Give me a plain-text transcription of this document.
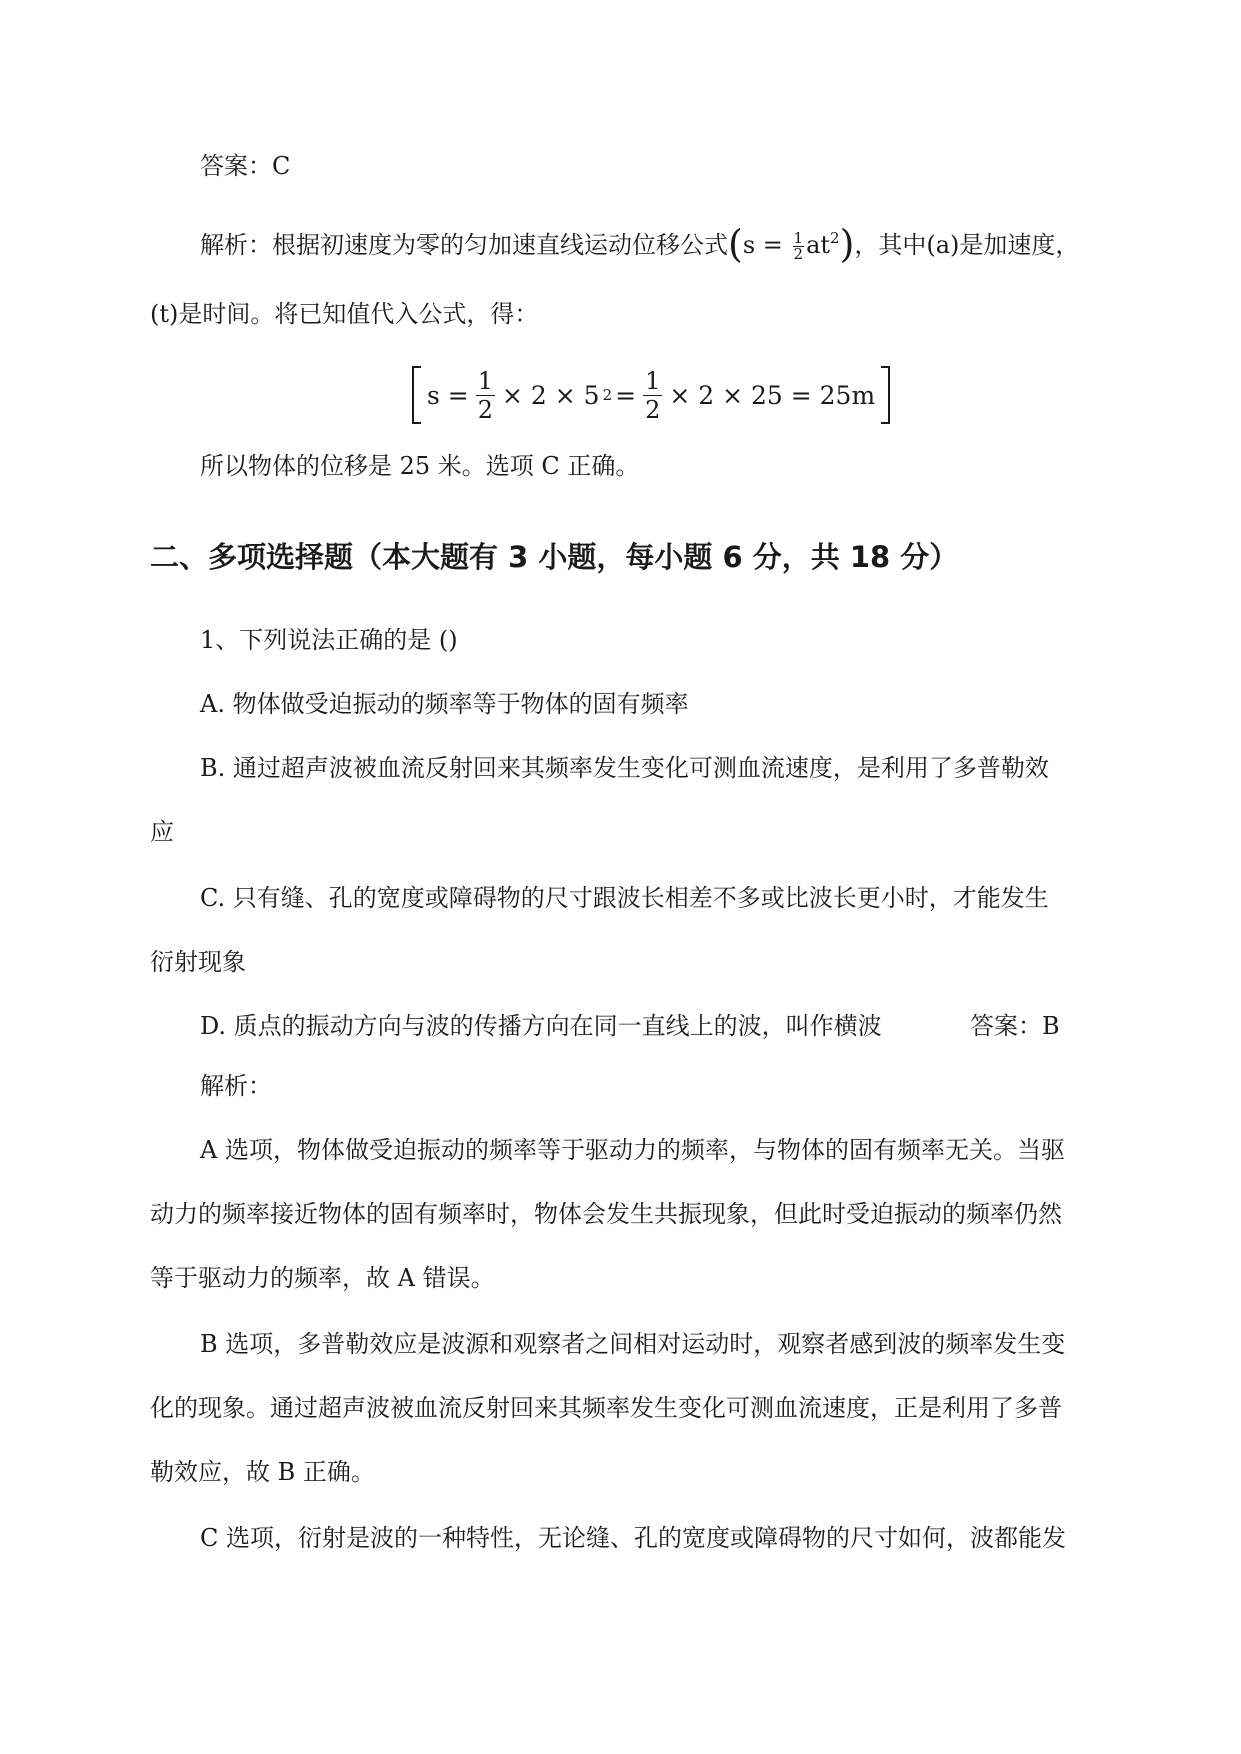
答案：C
解析：根据初速度为零的匀加速直线运动位移公式$(s = \frac{1}{2} at^2)$，其中(a)是加速度，
(t)是时间。将已知值代入公式，得：
$s = \frac{1}{2} \times 2 \times 5$ $2 = \frac{1}{2} \times 2 \times 25 = 25m$
所以物体的位移是 25 米。选项 C 正确。
二、多项选择题（本大题有 3 小题，每小题 6 分，共 18 分）
1、下列说法正确的是 ()
A. 物体做受迫振动的频率等于物体的固有频率
B. 通过超声波被血流反射回来其频率发生变化可测血流速度，是利用了多普勒效
应
C. 只有缝、孔的宽度或障碍物的尺寸跟波长相差不多或比波长更小时，才能发生
衍射现象
D. 质点的振动方向与波的传播方向在同一直线上的波，叫作横波	答案：B
解析：
A 选项，物体做受迫振动的频率等于驱动力的频率，与物体的固有频率无关。当驱
动力的频率接近物体的固有频率时，物体会发生共振现象，但此时受迫振动的频率仍然
等于驱动力的频率，故 A 错误。
B 选项，多普勒效应是波源和观察者之间相对运动时，观察者感到波的频率发生变
化的现象。通过超声波被血流反射回来其频率发生变化可测血流速度，正是利用了多普
勒效应，故 B 正确。
C 选项，衍射是波的一种特性，无论缝、孔的宽度或障碍物的尺寸如何，波都能发
